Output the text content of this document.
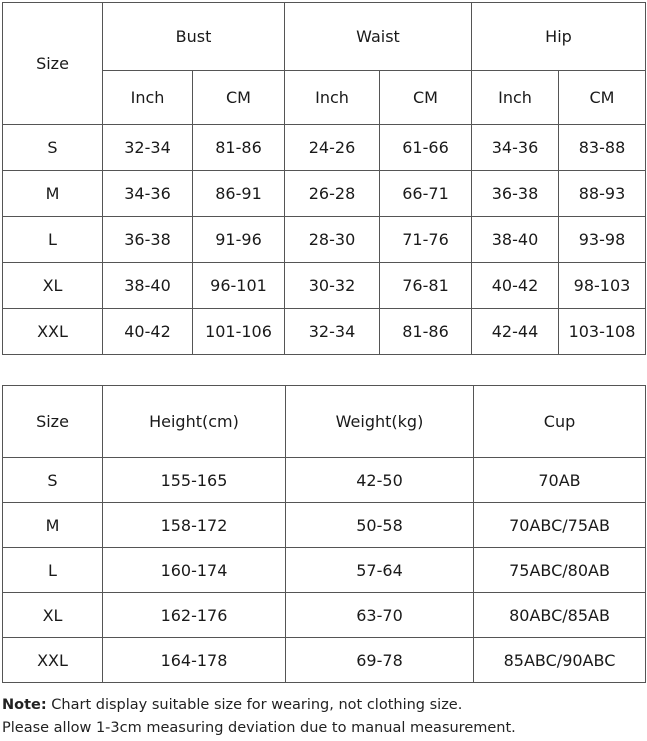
Size	Bust		Waist		Hip	
	Inch	CM	Inch	CM	Inch	CM
S	32-34	81-86	24-26	61-66	34-36	83-88
M	34-36	86-91	26-28	66-71	36-38	88-93
L	36-38	91-96	28-30	71-76	38-40	93-98
XL	38-40	96-101	30-32	76-81	40-42	98-103
XXL	40-42	101-106	32-34	81-86	42-44	103-108
Size	Height(cm)	Weight(kg)	Cup
S	155-165	42-50	70AB
M	158-172	50-58	70ABC/75AB
L	160-174	57-64	75ABC/80AB
XL	162-176	63-70	80ABC/85AB
XXL	164-178	69-78	85ABC/90ABC
Note: Chart display suitable size for wearing, not clothing size.
Please allow 1-3cm measuring deviation due to manual measurement.
